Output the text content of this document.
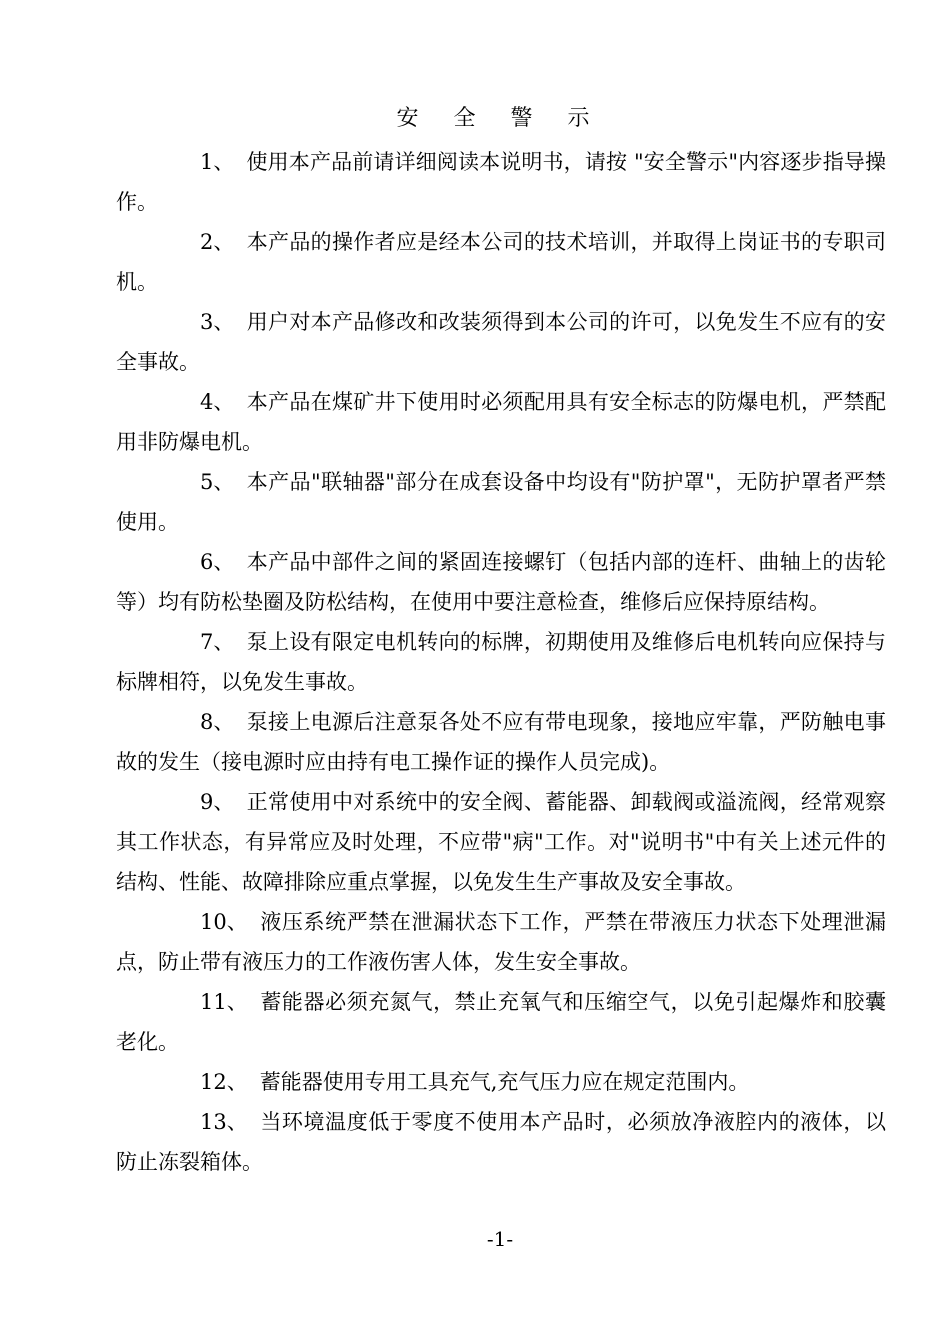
安 全 警 示

1、 使用本产品前请详细阅读本说明书，请按 "安全警示"内容逐步指导操作。

2、 本产品的操作者应是经本公司的技术培训，并取得上岗证书的专职司机。

3、 用户对本产品修改和改装须得到本公司的许可，以免发生不应有的安全事故。

4、 本产品在煤矿井下使用时必须配用具有安全标志的防爆电机，严禁配用非防爆电机。

5、 本产品"联轴器"部分在成套设备中均设有"防护罩"，无防护罩者严禁使用。

6、 本产品中部件之间的紧固连接螺钉（包括内部的连杆、曲轴上的齿轮等）均有防松垫圈及防松结构，在使用中要注意检查，维修后应保持原结构。

7、 泵上设有限定电机转向的标牌，初期使用及维修后电机转向应保持与标牌相符，以免发生事故。

8、 泵接上电源后注意泵各处不应有带电现象，接地应牢靠，严防触电事故的发生（接电源时应由持有电工操作证的操作人员完成)。

9、 正常使用中对系统中的安全阀、蓄能器、卸载阀或溢流阀，经常观察其工作状态，有异常应及时处理，不应带"病"工作。对"说明书"中有关上述元件的结构、性能、故障排除应重点掌握，以免发生生产事故及安全事故。

10、 液压系统严禁在泄漏状态下工作，严禁在带液压力状态下处理泄漏点，防止带有液压力的工作液伤害人体，发生安全事故。

11、 蓄能器必须充氮气，禁止充氧气和压缩空气，以免引起爆炸和胶囊老化。

12、 蓄能器使用专用工具充气,充气压力应在规定范围内。

13、 当环境温度低于零度不使用本产品时，必须放净液腔内的液体，以防止冻裂箱体。

-1-
